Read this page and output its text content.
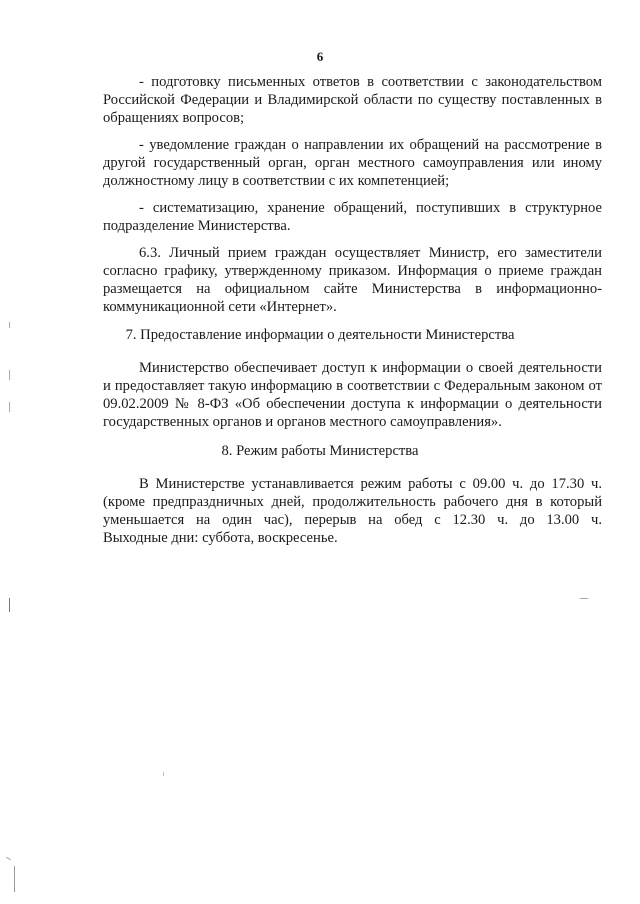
6
- подготовку письменных ответов в соответствии с законодательством
Российской Федерации и Владимирской области по существу поставленных в
обращениях вопросов;
- уведомление граждан о направлении их обращений на рассмотрение в
другой государственный орган, орган местного самоуправления или иному
должностному лицу в соответствии с их компетенцией;
- систематизацию, хранение обращений, поступивших в структурное
подразделение Министерства.
6.3. Личный прием граждан осуществляет Министр, его заместители
согласно графику, утвержденному приказом. Информация о приеме граждан
размещается на официальном сайте Министерства в информационно-
коммуникационной сети «Интернет».
7. Предоставление информации о деятельности Министерства
Министерство обеспечивает доступ к информации о своей деятельности
и предоставляет такую информацию в соответствии с Федеральным законом от
09.02.2009 № 8-ФЗ «Об обеспечении доступа к информации о деятельности
государственных органов и органов местного самоуправления».
8. Режим работы Министерства
В Министерстве устанавливается режим работы с 09.00 ч. до 17.30 ч.
(кроме предпраздничных дней, продолжительность рабочего дня в который
уменьшается на один час), перерыв на обед с 12.30 ч. до 13.00 ч.
Выходные дни: суббота, воскресенье.
